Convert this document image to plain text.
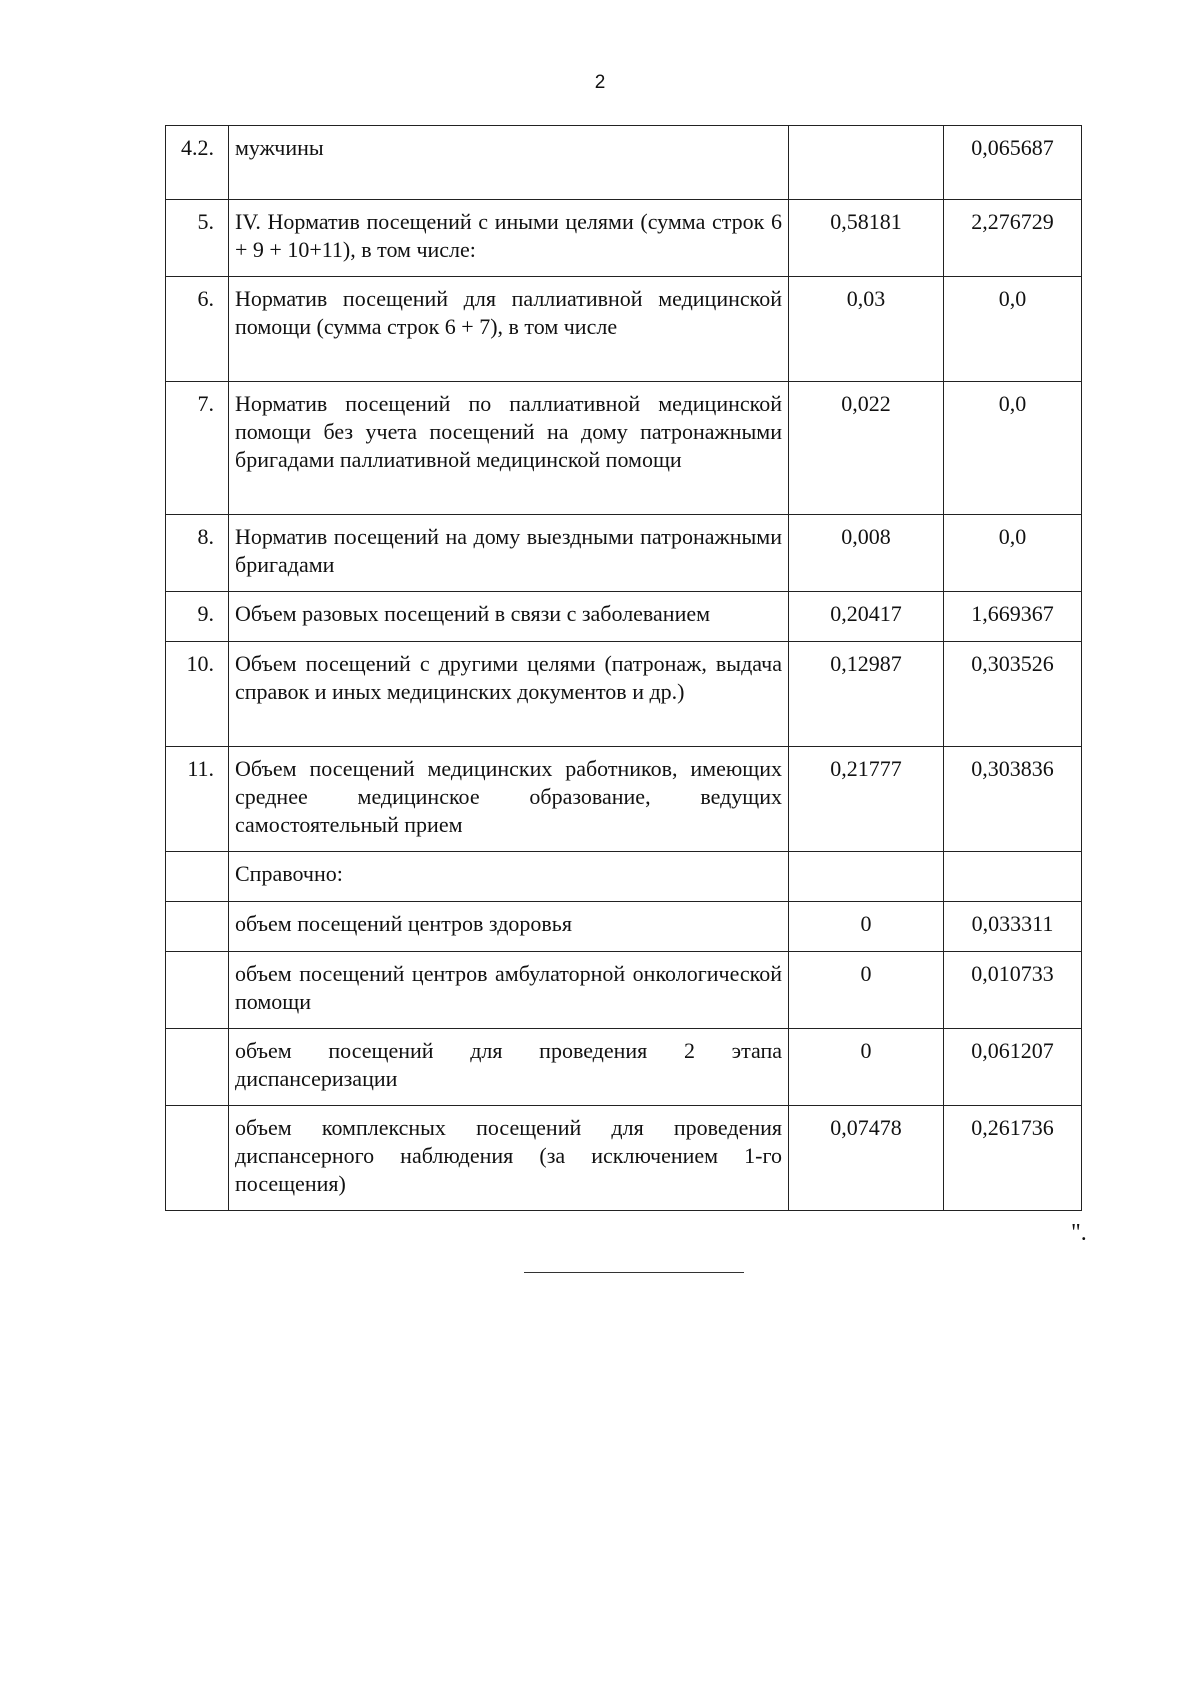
2
4.2.	мужчины		0,065687
5.	IV. Норматив посещений с иными целями (сумма строк 6 + 9 + 10+11), в том числе:	0,58181	2,276729
6.	Норматив посещений для паллиативной медицинской помощи (сумма строк 6 + 7), в том числе	0,03	0,0
7.	Норматив посещений по паллиативной медицинской помощи без учета посещений на дому патронажными бригадами паллиативной медицинской помощи	0,022	0,0
8.	Норматив посещений на дому выездными патронажными бригадами	0,008	0,0
9.	Объем разовых посещений в связи с заболеванием	0,20417	1,669367
10.	Объем посещений с другими целями (патронаж, выдача справок и иных медицинских документов и др.)	0,12987	0,303526
11.	Объем посещений медицинских работников, имеющих среднее медицинское образование, ведущих самостоятельный прием	0,21777	0,303836
	Справочно:		
	объем посещений центров здоровья	0	0,033311
	объем посещений центров амбулаторной онкологической помощи	0	0,010733
	объем посещений для проведения 2 этапа диспансеризации	0	0,061207
	объем комплексных посещений для проведения диспансерного наблюдения (за исключением 1-го посещения)	0,07478	0,261736
".
